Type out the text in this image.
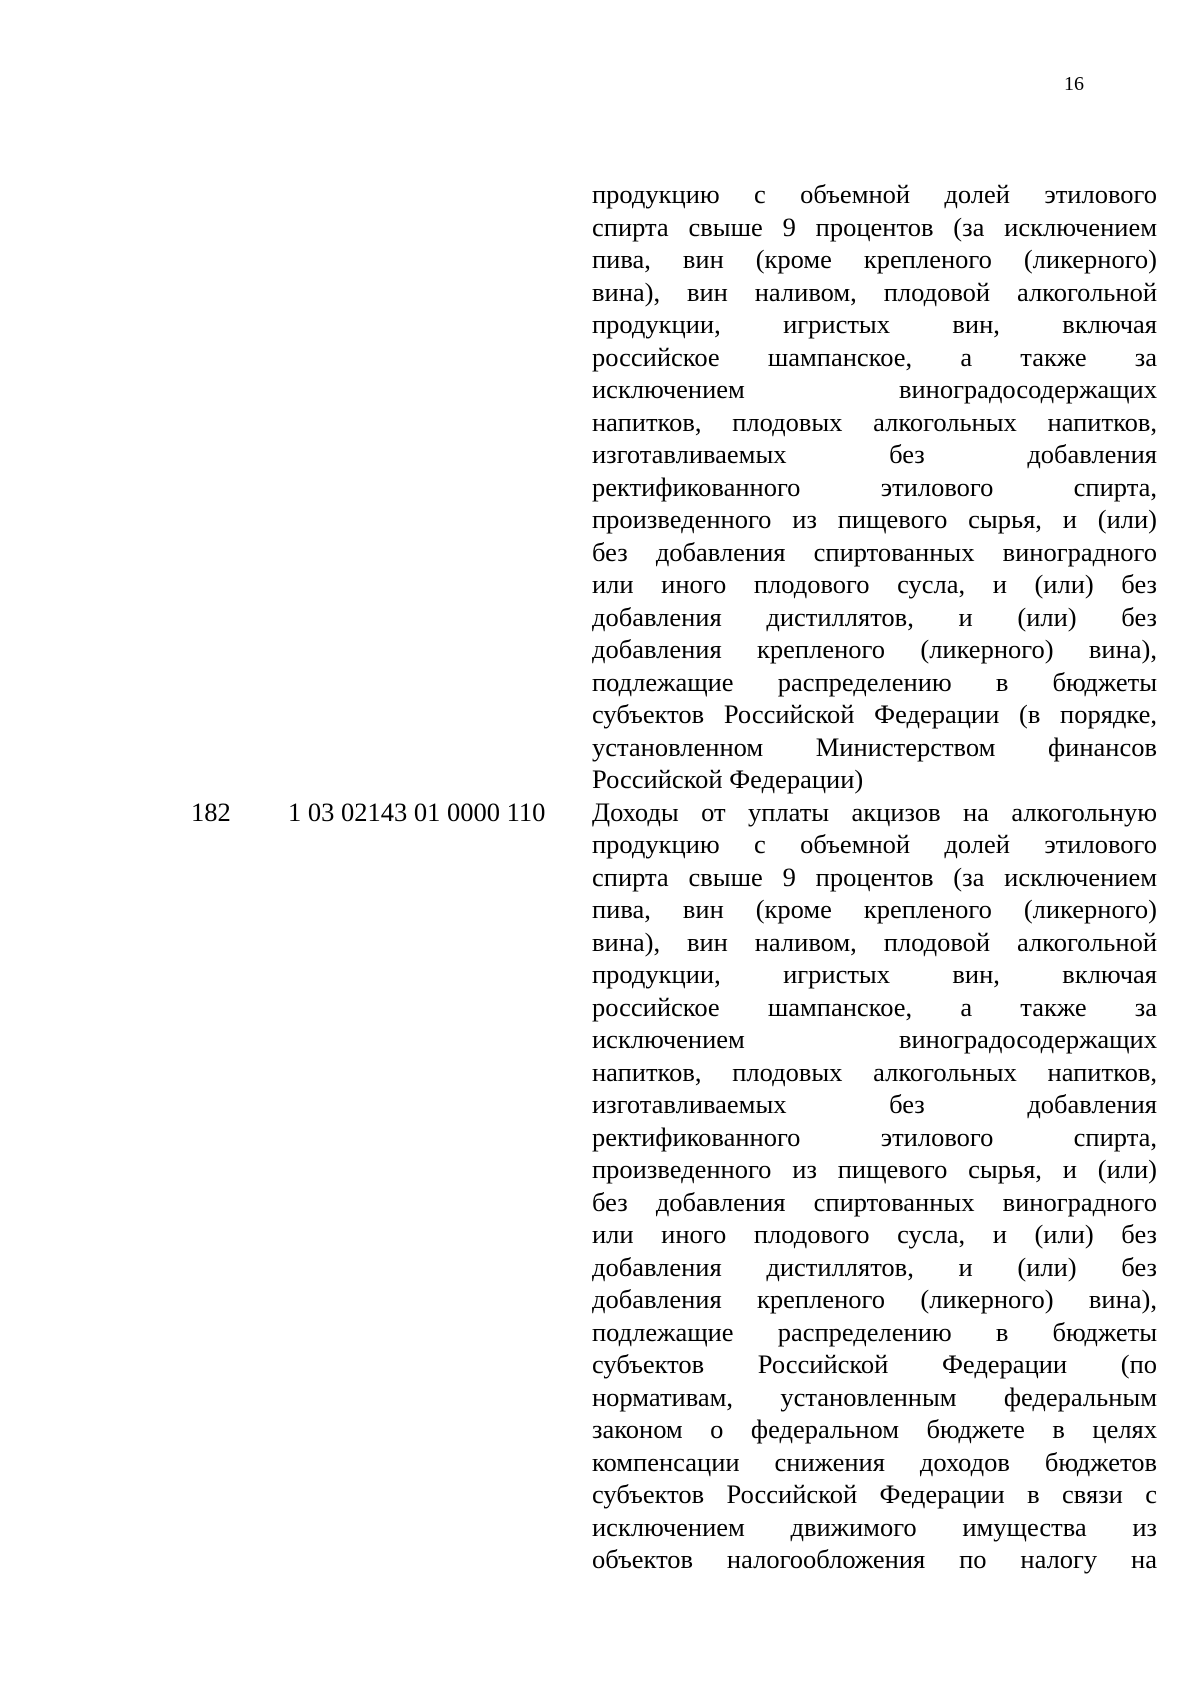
16
продукцию с объемной долей этилового
спирта свыше 9 процентов (за исключением
пива, вин (кроме крепленого (ликерного)
вина), вин наливом, плодовой алкогольной
продукции, игристых вин, включая
российское шампанское, а также за
исключением виноградосодержащих
напитков, плодовых алкогольных напитков,
изготавливаемых без добавления
ректификованного этилового спирта,
произведенного из пищевого сырья, и (или)
без добавления спиртованных виноградного
или иного плодового сусла, и (или) без
добавления дистиллятов, и (или) без
добавления крепленого (ликерного) вина),
подлежащие распределению в бюджеты
субъектов Российской Федерации (в порядке,
установленном Министерством финансов
Российской Федерации)
182 1 03 02143 01 0000 110 Доходы от уплаты акцизов на алкогольную
продукцию с объемной долей этилового
спирта свыше 9 процентов (за исключением
пива, вин (кроме крепленого (ликерного)
вина), вин наливом, плодовой алкогольной
продукции, игристых вин, включая
российское шампанское, а также за
исключением виноградосодержащих
напитков, плодовых алкогольных напитков,
изготавливаемых без добавления
ректификованного этилового спирта,
произведенного из пищевого сырья, и (или)
без добавления спиртованных виноградного
или иного плодового сусла, и (или) без
добавления дистиллятов, и (или) без
добавления крепленого (ликерного) вина),
подлежащие распределению в бюджеты
субъектов Российской Федерации (по
нормативам, установленным федеральным
законом о федеральном бюджете в целях
компенсации снижения доходов бюджетов
субъектов Российской Федерации в связи с
исключением движимого имущества из
объектов налогообложения по налогу на
